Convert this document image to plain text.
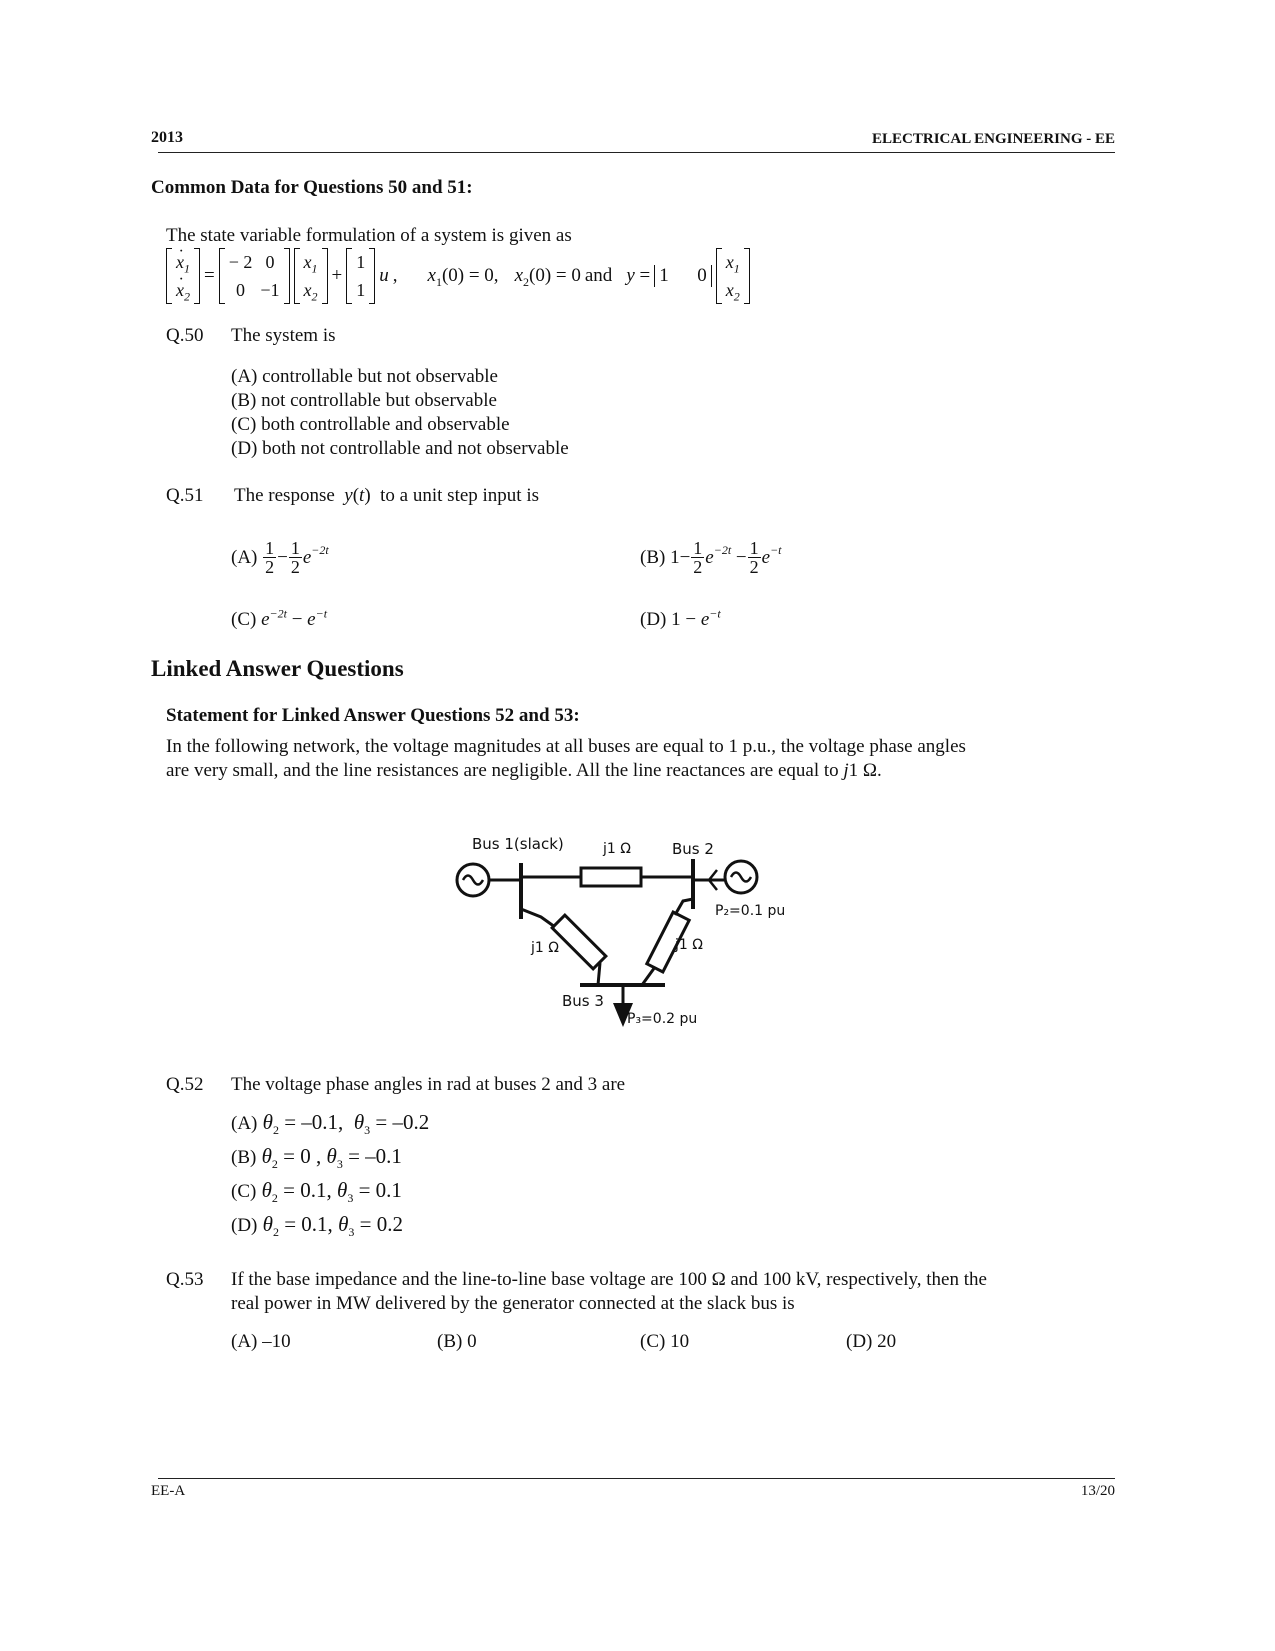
2013	ELECTRICAL ENGINEERING - EE
Common Data for Questions 50 and 51:
The state variable formulation of a system is given as
· $x_1$
· $x_2$
=
− 2	0
0	−1
$x_1$
$x_2$
+
1
1
u , $x_1(0) = 0$, $x_2(0) = 0$ and y = 1      0
$x_1$
$x_2$
Q.50 The system is
(A) controllable but not observable
(B) not controllable but observable
(C) both controllable and observable
(D) both not controllable and not observable
Q.51 The response y(t)  to a unit step input is
(A)
$\frac{1}{2} - \frac{1}{2} e^{-2t}$	(B) $1- \frac{1}{2} e^{-2t} - \frac{1}{2} e^{-t}$
(C) $e^{-2t} - e^{-t}$	(D) $1 - e^{-t}$
Linked Answer Questions
Statement for Linked Answer Questions 52 and 53:
In the following network, the voltage magnitudes at all buses are equal to 1 p.u., the voltage phase angles
are very small, and the line resistances are negligible. All the line reactances are equal to j1 Ω.
Bus 1(slack)	Bus 2
Bus 3
j1 Ω
j1 Ω	j1 Ω
P₂=0.1 pu
P₃=0.2 pu
Q.52 The voltage phase angles in rad at buses 2 and 3 are
(A) $\theta_2 = -0.1$, $\theta_3 = -0.2$
(B) $\theta_2 = 0$ , $\theta_3 = -0.1$
(C) $\theta_2 = 0.1$, $\theta_3 = 0.1$
(D) $\theta_2 = 0.1$, $\theta_3 = 0.2$
Q.53 If the base impedance and the line-to-line base voltage are 100 Ω and 100 kV, respectively, then the
real power in MW delivered by the generator connected at the slack bus is
(A) –10	(B) 0	(C) 10	(D) 20
EE-A	13/20
